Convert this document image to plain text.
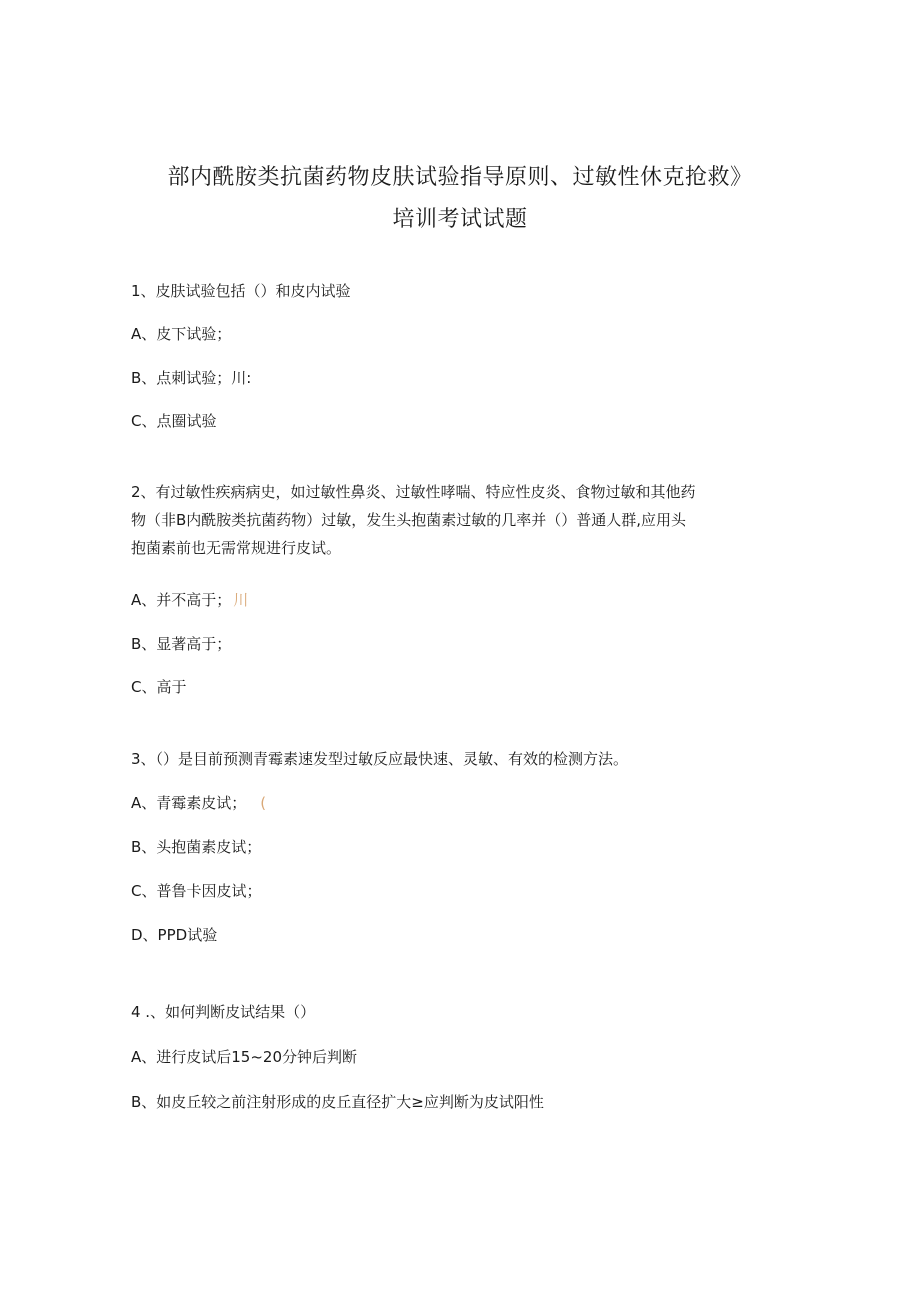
部内酰胺类抗菌药物皮肤试验指导原则、过敏性休克抢救》
培训考试试题
1、皮肤试验包括（）和皮内试验
A、皮下试验；
B、点刺试验；川:
C、点圈试验
2、有过敏性疾病病史，如过敏性鼻炎、过敏性哮喘、特应性皮炎、食物过敏和其他药
物（非B内酰胺类抗菌药物）过敏，发生头抱菌素过敏的几率并（）普通人群,应用头
抱菌素前也无需常规进行皮试。
A、并不高于； 川
B、显著高于；
C、高于
3、（）是目前预测青霉素速发型过敏反应最快速、灵敏、有效的检测方法。
A、青霉素皮试； (
B、头抱菌素皮试；
C、普鲁卡因皮试；
D、PPD试验
4 .、如何判断皮试结果（）
A、进行皮试后15~20分钟后判断
B、如皮丘较之前注射形成的皮丘直径扩大≥应判断为皮试阳性
